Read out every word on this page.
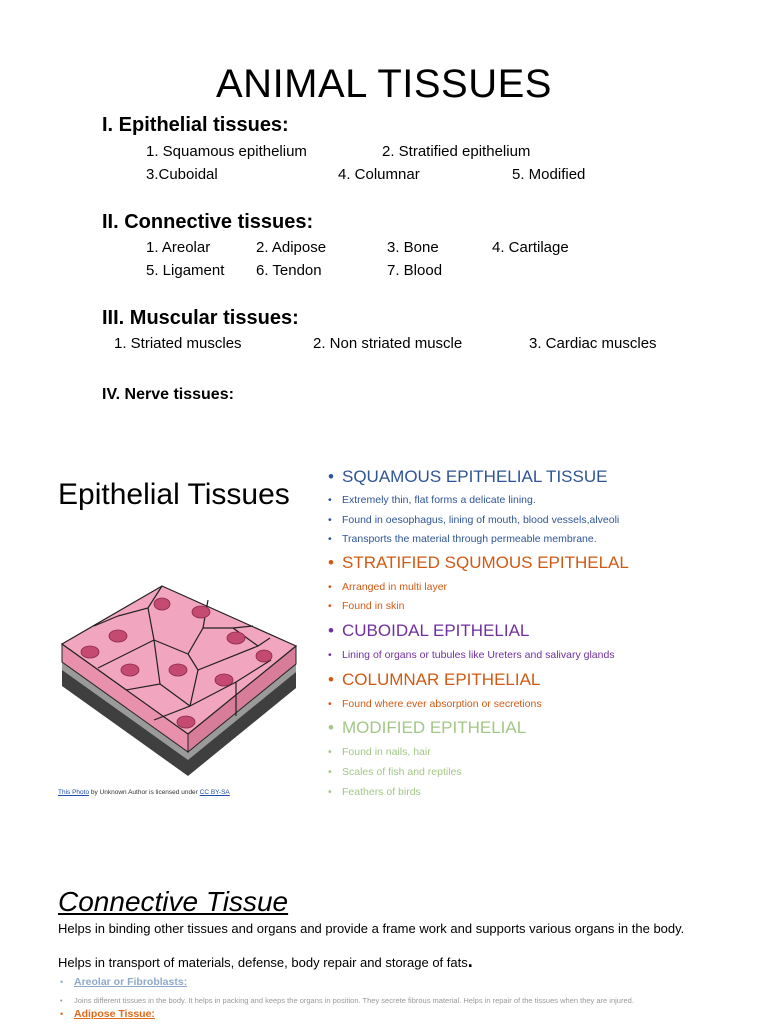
ANIMAL TISSUES
I. Epithelial tissues:
1. Squamous epithelium	2. Stratified epithelium
3.Cuboidal	4. Columnar	5. Modified
II. Connective tissues:
1. Areolar	2. Adipose	3. Bone	4. Cartilage
5. Ligament 6. Tendon	7. Blood
III. Muscular tissues:
1. Striated muscles	2. Non striated muscle	3. Cardiac muscles
IV. Nerve tissues:
Epithelial Tissues
This Photo by Unknown Author is licensed under CC BY-SA
• SQUAMOUS EPITHELIAL TISSUE
• Extremely thin, flat forms a delicate lining.
• Found in oesophagus, lining of mouth, blood vessels,alveoli
• Transports the material through permeable membrane.
• STRATIFIED SQUMOUS EPITHELAL
• Arranged in multi layer
• Found in skin
• CUBOIDAL EPITHELIAL
• Lining of organs or tubules like Ureters and salivary glands
• COLUMNAR EPITHELIAL
• Found where ever absorption or secretions
• MODIFIED EPITHELIAL
• Found in nails, hair
• Scales of fish and reptiles
• Feathers of birds
Connective Tissue
Helps in binding other tissues and organs and provide a frame work and supports various organs in the body.
Helps in transport of materials, defense, body repair and storage of fats.
• Areolar or Fibroblasts:
• Joins different tissues in the body. It helps in packing and keeps the organs in position. They secrete fibrous material. Helps in repair of the tissues when they are injured.
• Adipose Tissue:
